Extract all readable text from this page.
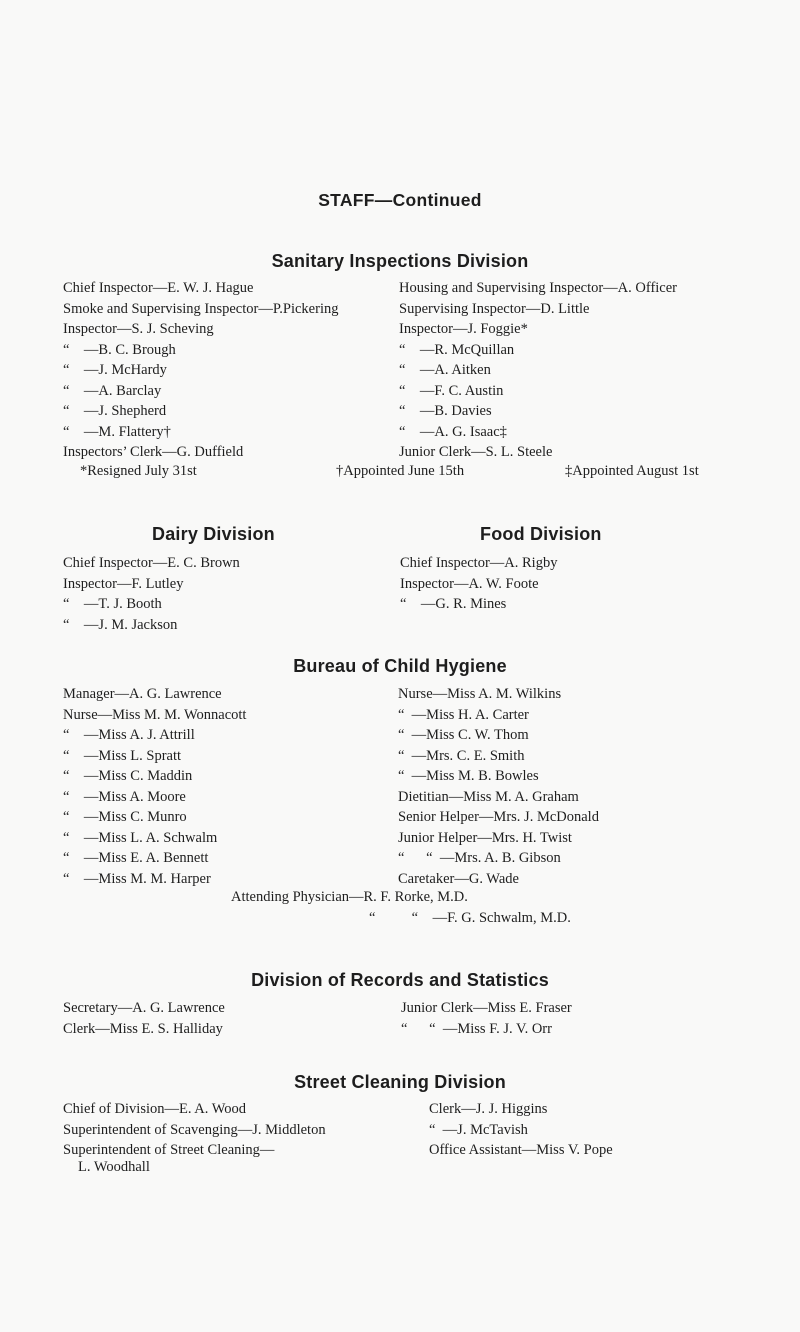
STAFF—Continued
Sanitary Inspections Division
Chief Inspector—E. W. J. Hague
Smoke and Supervising Inspector—P.Pickering
Inspector—S. J. Scheving
“    —B. C. Brough
“    —J. McHardy
“    —A. Barclay
“    —J. Shepherd
“    —M. Flattery†
Inspectors’ Clerk—G. Duffield
Housing and Supervising Inspector—A. Officer
Supervising Inspector—D. Little
Inspector—J. Foggie*
“    —R. McQuillan
“    —A. Aitken
“    —F. C. Austin
“    —B. Davies
“    —A. G. Isaac‡
Junior Clerk—S. L. Steele
*Resigned July 31st	†Appointed June 15th	‡Appointed August 1st
Dairy Division
Chief Inspector—E. C. Brown
Inspector—F. Lutley
“    —T. J. Booth
“    —J. M. Jackson
Food Division
Chief Inspector—A. Rigby
Inspector—A. W. Foote
“    —G. R. Mines
Bureau of Child Hygiene
Manager—A. G. Lawrence
Nurse—Miss M. M. Wonnacott
“    —Miss A. J. Attrill
“    —Miss L. Spratt
“    —Miss C. Maddin
“    —Miss A. Moore
“    —Miss C. Munro
“    —Miss L. A. Schwalm
“    —Miss E. A. Bennett
“    —Miss M. M. Harper
Nurse—Miss A. M. Wilkins
“  —Miss H. A. Carter
“  —Miss C. W. Thom
“  —Mrs. C. E. Smith
“  —Miss M. B. Bowles
Dietitian—Miss M. A. Graham
Senior Helper—Mrs. J. McDonald
Junior Helper—Mrs. H. Twist
“      “  —Mrs. A. B. Gibson
Caretaker—G. Wade
Attending Physician—R. F. Rorke, M.D.
“          “    —F. G. Schwalm, M.D.
Division of Records and Statistics
Secretary—A. G. Lawrence
Clerk—Miss E. S. Halliday
Junior Clerk—Miss E. Fraser
“      “  —Miss F. J. V. Orr
Street Cleaning Division
Chief of Division—E. A. Wood
Superintendent of Scavenging—J. Middleton
Superintendent of Street Cleaning—
L. Woodhall
Clerk—J. J. Higgins
“  —J. McTavish
Office Assistant—Miss V. Pope
